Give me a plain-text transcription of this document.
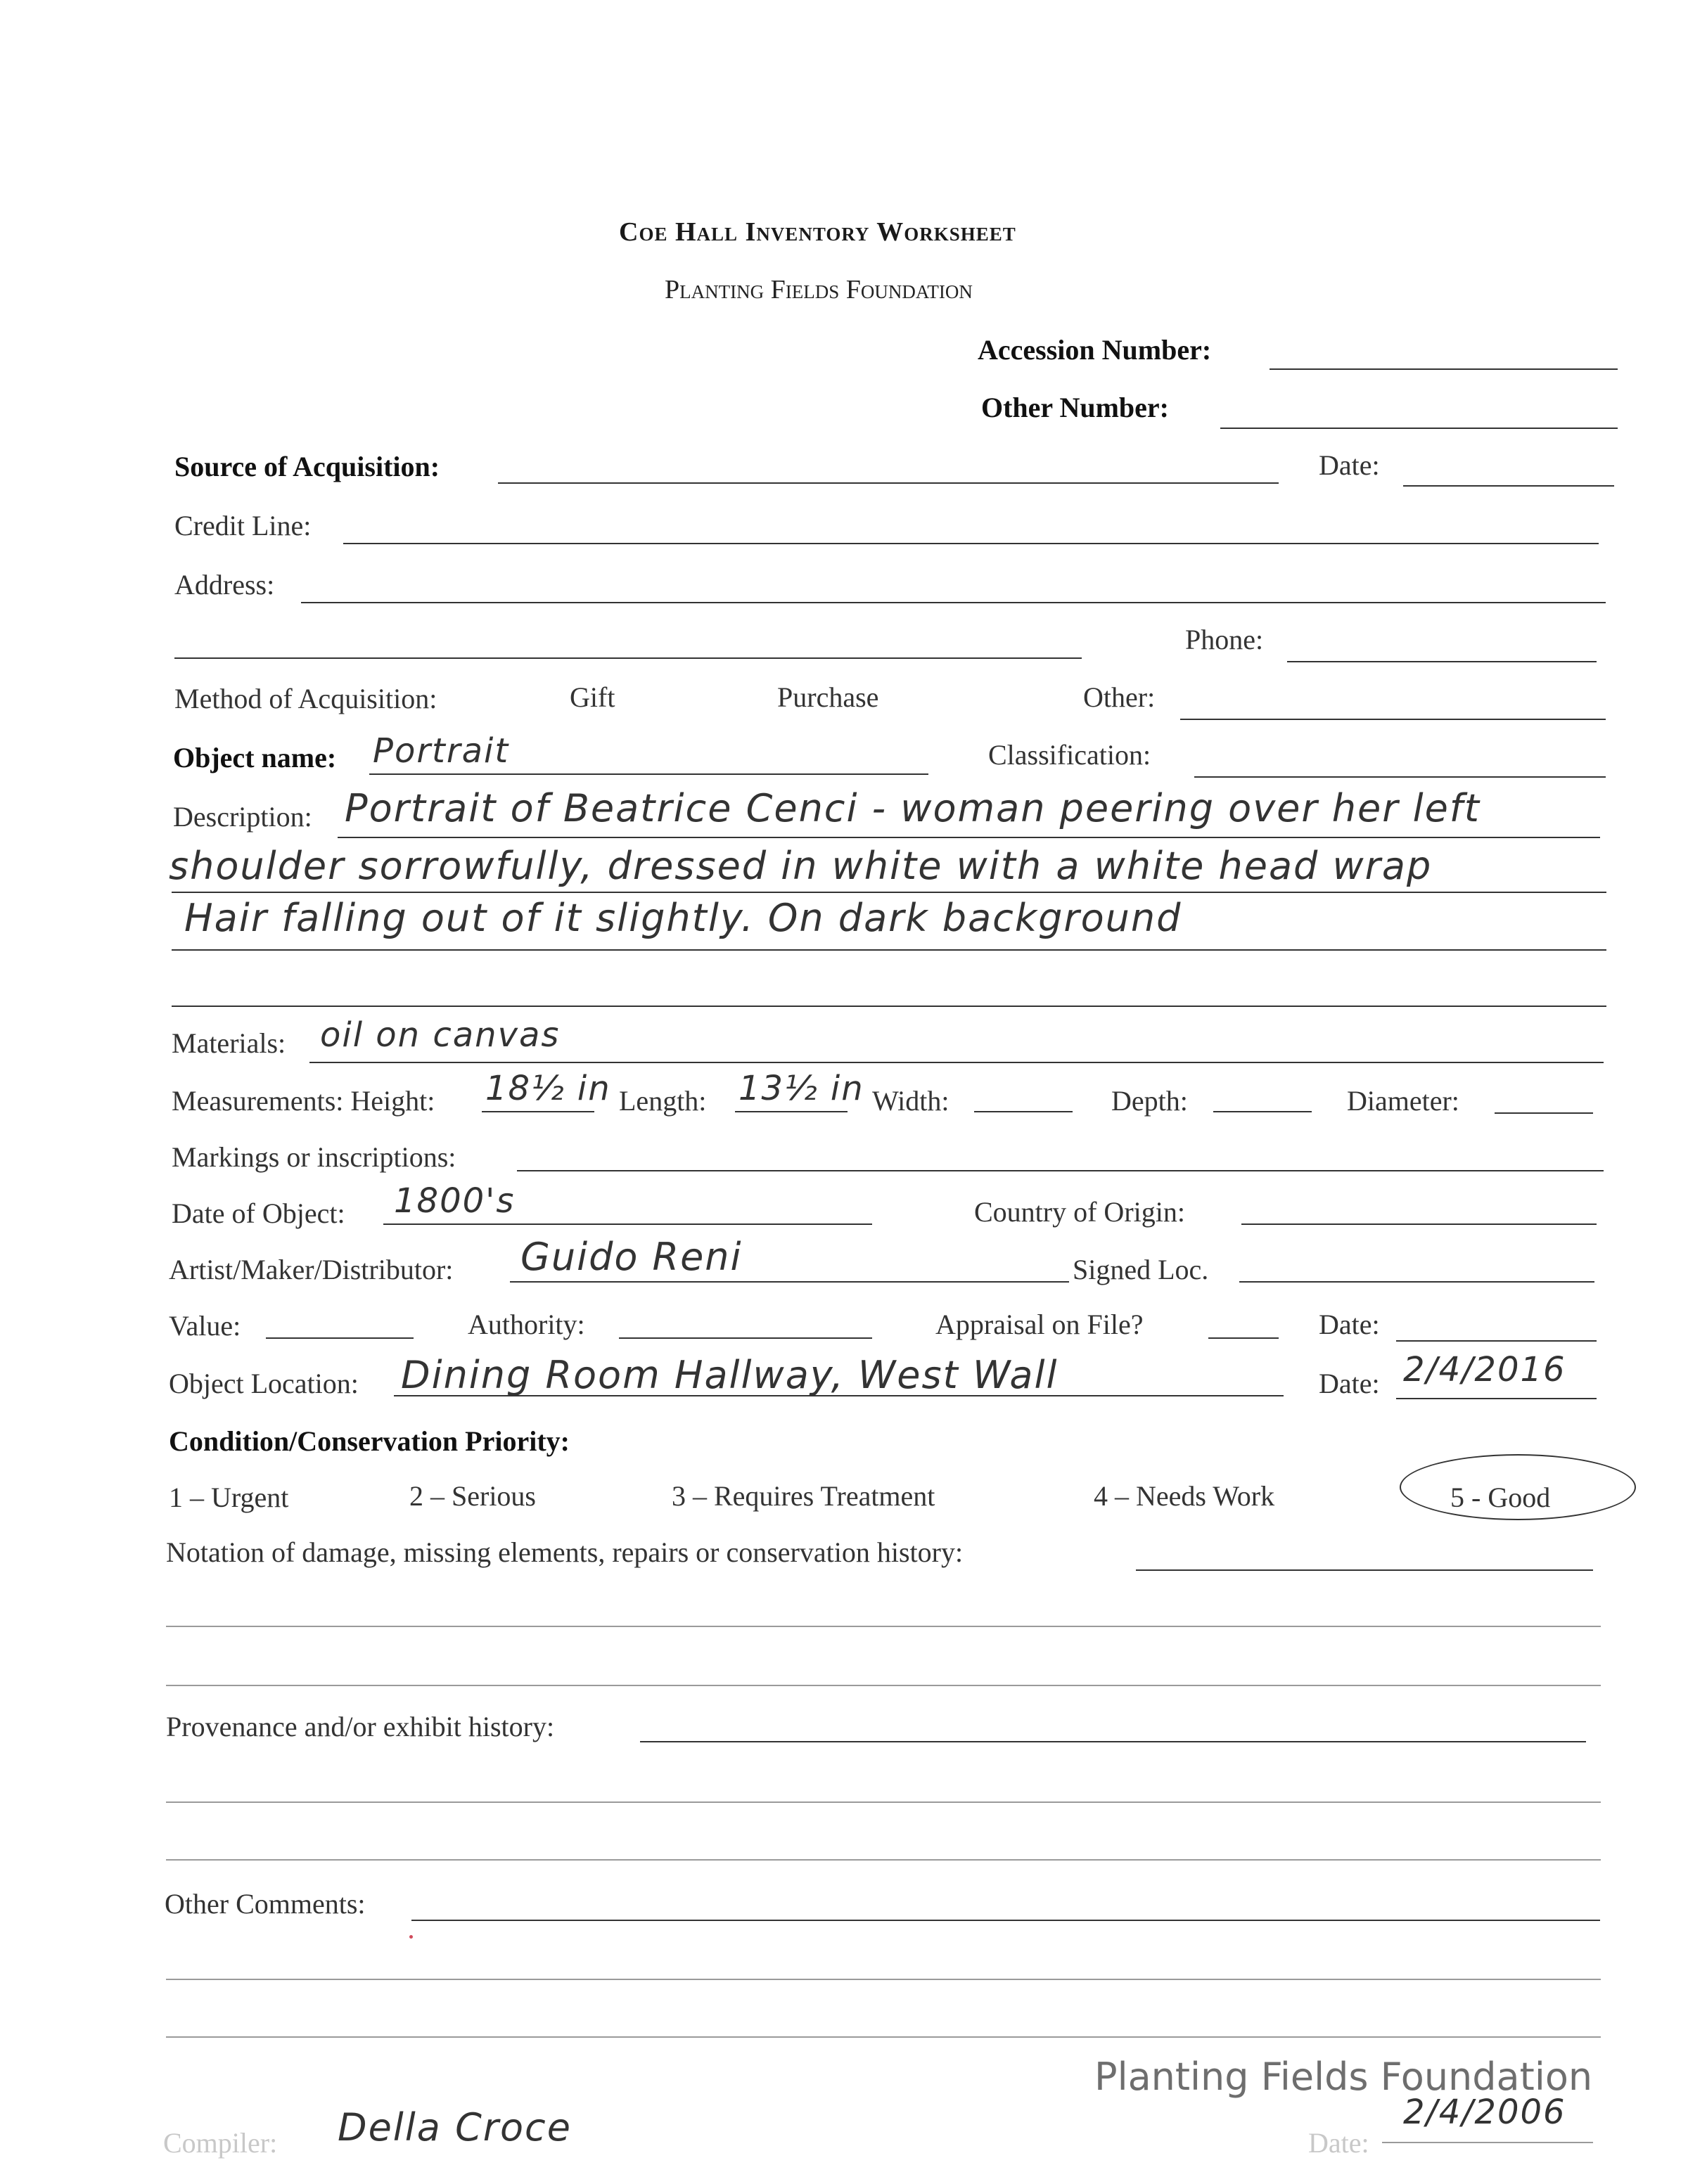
Coe Hall Inventory Worksheet
Planting Fields Foundation
Accession Number:
Other Number:
Source of Acquisition:	Date:
Credit Line:
Address:
Phone:
Method of Acquisition:	Gift	Purchase	Other:
Object name: Portrait	Classification:
Description: Portrait of Beatrice Cenci - woman peering over her left
shoulder sorrowfully, dressed in white with a white head wrap
Hair falling out of it slightly. On dark background
Materials: oil on canvas
Measurements: Height: 18½ in Length: 13½ in Width:	Depth:	Diameter:
Markings or inscriptions:
Date of Object: 1800's	Country of Origin:
Artist/Maker/Distributor: Guido Reni	Signed Loc.
Value:	Authority:	Appraisal on File?	Date:
Object Location: Dining Room Hallway, West Wall	Date: 2/4/2016
Condition/Conservation Priority:
1 – Urgent	2 – Serious	3 – Requires Treatment	4 – Needs Work	5 - Good
Notation of damage, missing elements, repairs or conservation history:
Provenance and/or exhibit history:
Other Comments:
Compiler: Della Croce	Date:
2/4/2006
Planting Fields Foundation
